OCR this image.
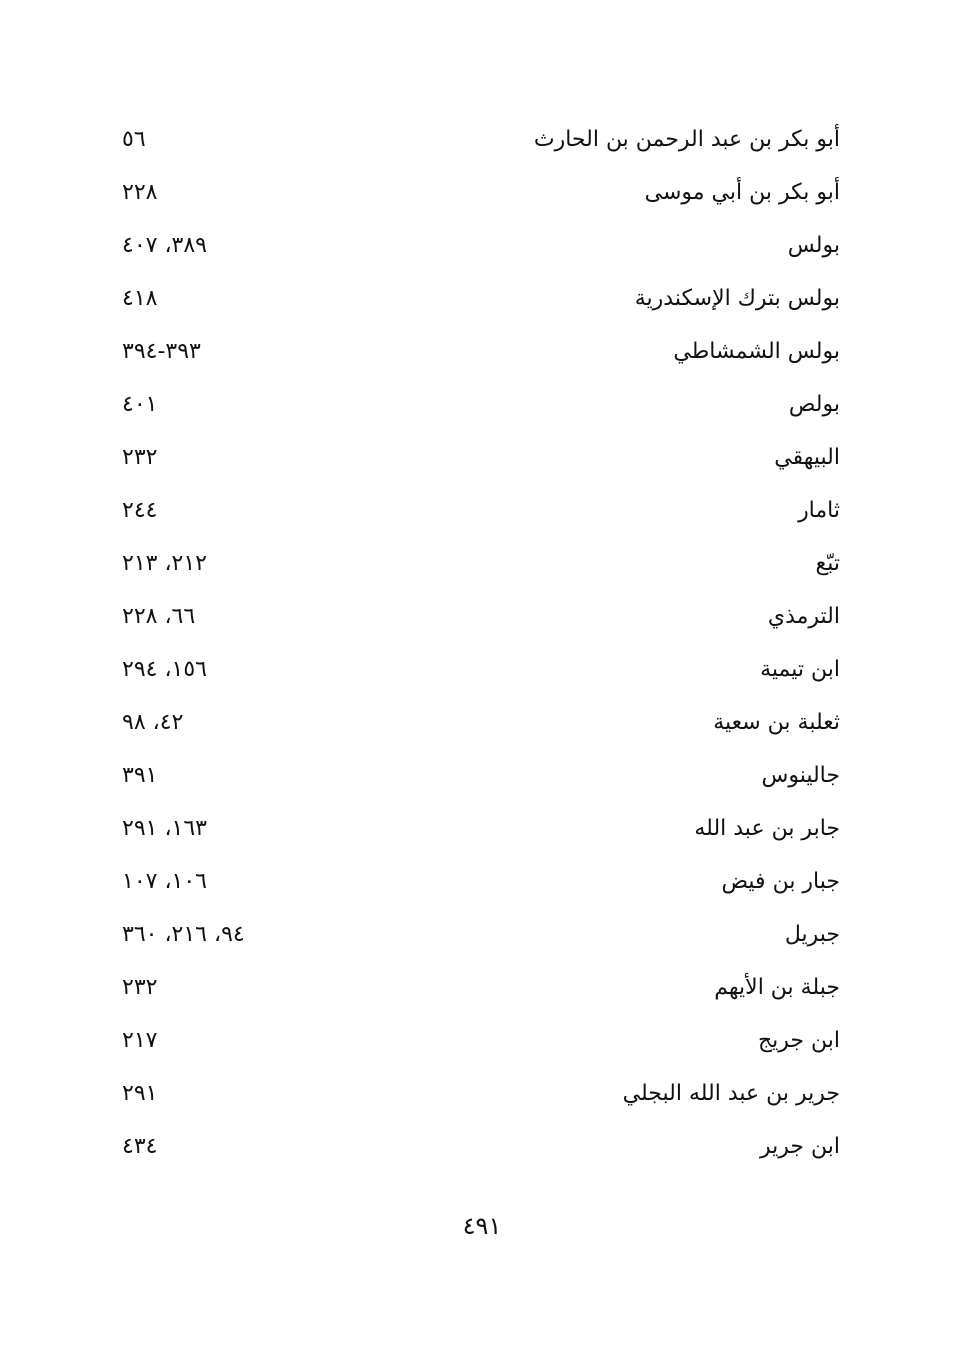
أبو بكر بن عبد الرحمن بن الحارث
٥٦
أبو بكر بن أبي موسى
٢٢٨
بولس
٣٨٩، ٤٠٧
بولس بترك الإسكندرية
٤١٨
بولس الشمشاطي
٣٩٣-٣٩٤
بولص
٤٠١
البيهقي
٢٣٢
ثامار
٢٤٤
تبّع
٢١٢، ٢١٣
الترمذي
٦٦، ٢٢٨
ابن تيمية
١٥٦، ٢٩٤
ثعلبة بن سعية
٤٢، ٩٨
جالينوس
٣٩١
جابر بن عبد الله
١٦٣، ٢٩١
جبار بن فيض
١٠٦، ١٠٧
جبريل
٩٤، ٢١٦، ٣٦٠
جبلة بن الأيهم
٢٣٢
ابن جريج
٢١٧
جرير بن عبد الله البجلي
٢٩١
ابن جرير
٤٣٤
٤٩١
